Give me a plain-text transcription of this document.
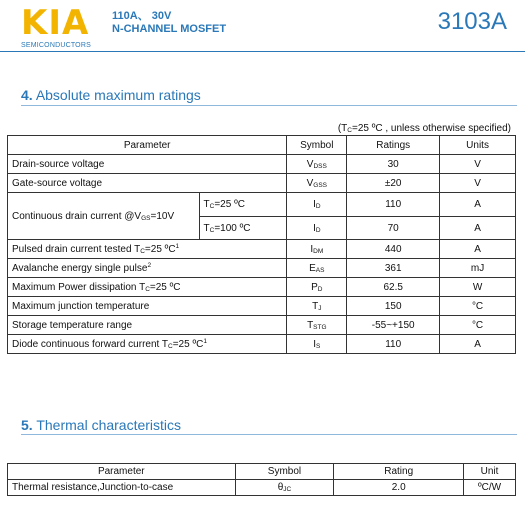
KIA
SEMICONDUCTORS
110A、 30V
N-CHANNEL MOSFET	3103A
4. Absolute maximum ratings
($T_C=25$ ºC , unless otherwise specified)
Parameter		Symbol	Ratings	Units
Drain-source voltage		$V_{DSS}$	30	V
Gate-source voltage		$V_{GSS}$	±20	V
Continuous drain current $@V_{GS}=10V$	$T_C=25$ ºC	$I_D$	110	A
	$T_C=100$ ºC	$I_D$	70	A
Pulsed drain current tested $T_C=25$ ºC$^1$		$I_{DM}$	440	A
Avalanche energy single pulse$^2$		$E_{AS}$	361	mJ
Maximum Power dissipation $T_C=25$ ºC		$P_D$	62.5	W
Maximum junction temperature		$T_J$	150	°C
Storage temperature range		$T_{STG}$	-55~+150	°C
Diode continuous forward current $T_C=25$ ºC$^1$		$I_S$	110	A
5. Thermal characteristics
Parameter	Symbol	Rating	Unit
Thermal resistance,Junction-to-case	$\theta_{JC}$	2.0	ºC/W
